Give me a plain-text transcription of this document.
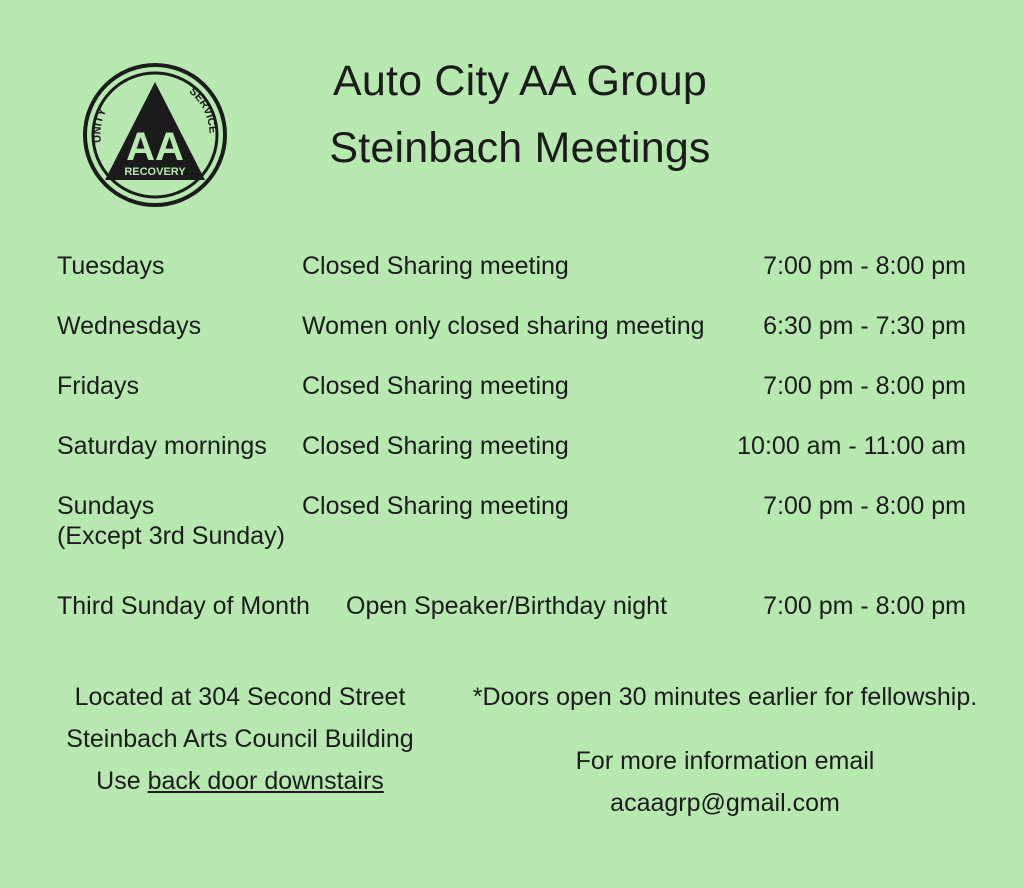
AA
RECOVERY
UNITY
SERVICE
Auto City AA Group
Steinbach Meetings
Tuesdays	Closed Sharing meeting	7:00 pm - 8:00 pm
Wednesdays	Women only closed sharing meeting 6:30 pm - 7:30 pm
Fridays	Closed Sharing meeting	7:00 pm - 8:00 pm
Saturday mornings Closed Sharing meeting	10:00 am - 11:00 am
Sundays
(Except 3rd Sunday)
Closed Sharing meeting	7:00 pm - 8:00 pm
Third Sunday of Month Open Speaker/Birthday night	7:00 pm - 8:00 pm
Located at 304 Second Street
Steinbach Arts Council Building
Use back door downstairs
*Doors open 30 minutes earlier for fellowship.
For more information email
acaagrp@gmail.com
